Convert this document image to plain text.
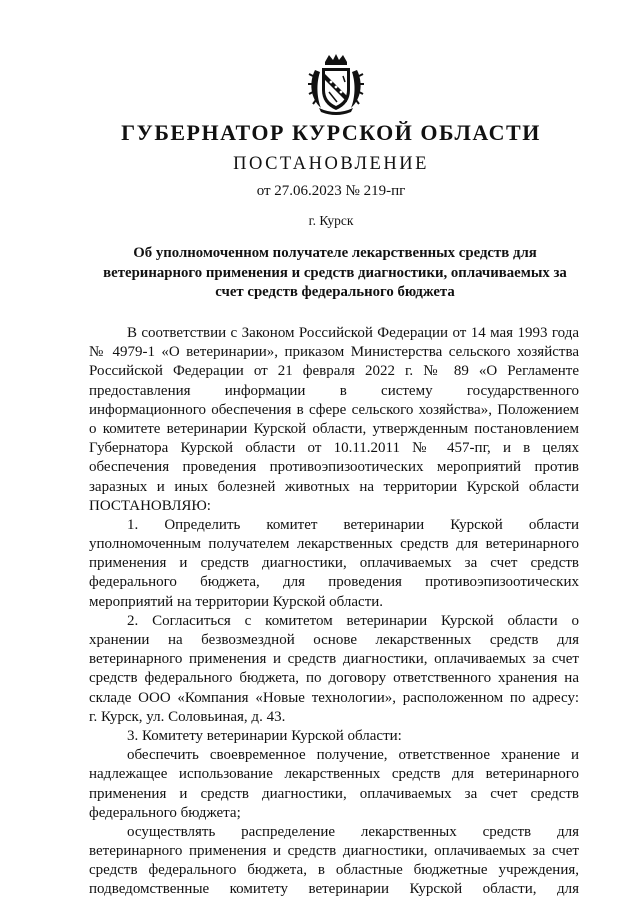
ГУБЕРНАТОР КУРСКОЙ ОБЛАСТИ
ПОСТАНОВЛЕНИЕ
от 27.06.2023 № 219-пг
г. Курск
Об уполномоченном получателе лекарственных средств для
ветеринарного применения и средств диагностики, оплачиваемых за
счет средств федерального бюджета
В соответствии с Законом Российской Федерации от 14 мая 1993 года
№ 4979-1 «О ветеринарии», приказом Министерства сельского хозяйства
Российской Федерации от 21 февраля 2022 г. № 89 «О Регламенте
предоставления информации в систему государственного
информационного обеспечения в сфере сельского хозяйства», Положением
о комитете ветеринарии Курской области, утвержденным постановлением
Губернатора Курской области от 10.11.2011 № 457-пг, и в целях
обеспечения проведения противоэпизоотических мероприятий против
заразных и иных болезней животных на территории Курской области
ПОСТАНОВЛЯЮ:
1. Определить комитет ветеринарии Курской области
уполномоченным получателем лекарственных средств для ветеринарного
применения и средств диагностики, оплачиваемых за счет средств
федерального бюджета, для проведения противоэпизоотических
мероприятий на территории Курской области.
2. Согласиться с комитетом ветеринарии Курской области о
хранении на безвозмездной основе лекарственных средств для
ветеринарного применения и средств диагностики, оплачиваемых за счет
средств федерального бюджета, по договору ответственного хранения на
складе ООО «Компания «Новые технологии», расположенном по адресу:
г. Курск, ул. Соловьиная, д. 43.
3. Комитету ветеринарии Курской области:
обеспечить своевременное получение, ответственное хранение и
надлежащее использование лекарственных средств для ветеринарного
применения и средств диагностики, оплачиваемых за счет средств
федерального бюджета;
осуществлять распределение лекарственных средств для
ветеринарного применения и средств диагностики, оплачиваемых за счет
средств федерального бюджета, в областные бюджетные учреждения,
подведомственные комитету ветеринарии Курской области, для
